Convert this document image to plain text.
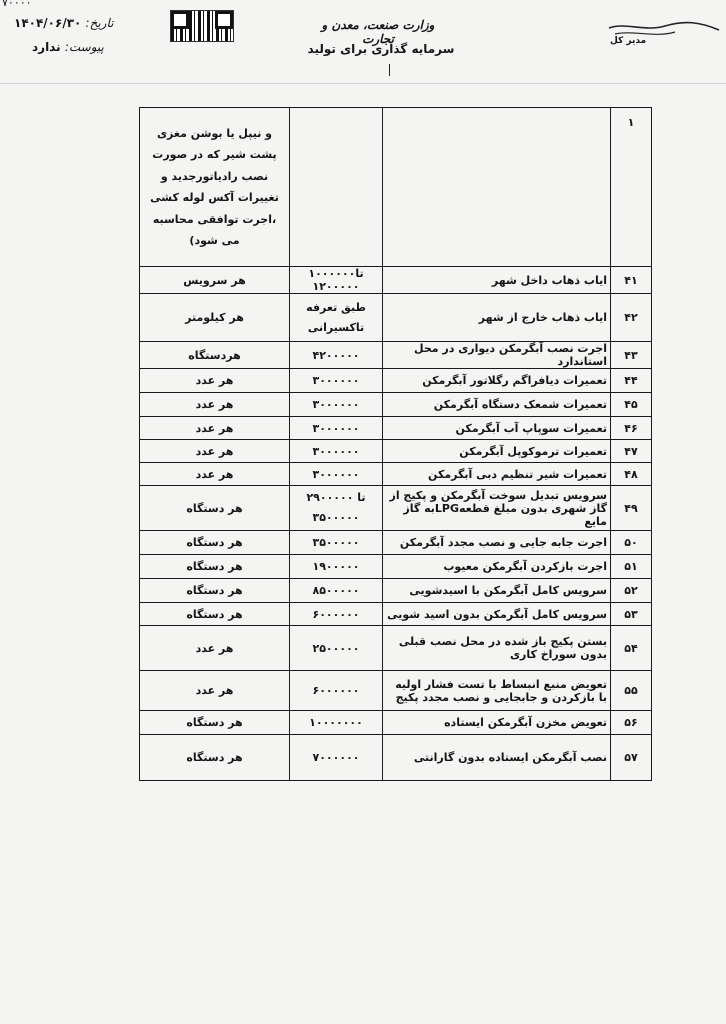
۷۰۰۰۰
تاریخ: ۱۴۰۴/۰۶/۳۰
پیوست: ندارد
وزارت صنعت، معدن و تجارت
سرمایه گذاری برای تولید
مدیر کل
۱			و نیپل یا بوشن مغزی پشت شیر که در صورت نصب رادیاتورجدید و تغییرات آکس لوله کشی ،اجرت توافقی محاسبه می شود)
۴۱	ایاب ذهاب داخل شهر	۱۰۰۰۰۰۰تا ۱۲۰۰۰۰۰	هر سرویس
۴۲	ایاب ذهاب خارج از شهر	طبق تعرفه
تاکسیرانی	هر کیلومتر
۴۳	اجرت نصب آبگرمکن دیواری در محل استاندارد	۴۲۰۰۰۰۰	هردستگاه
۴۴	تعمیرات دیافراگم رگلاتور آبگرمکن	۳۰۰۰۰۰۰	هر عدد
۴۵	تعمیرات شمعک دستگاه آبگرمکن	۳۰۰۰۰۰۰	هر عدد
۴۶	تعمیرات سوپاپ آب آبگرمکن	۳۰۰۰۰۰۰	هر عدد
۴۷	تعمیرات ترموکوپل آبگرمکن	۳۰۰۰۰۰۰	هر عدد
۴۸	تعمیرات شیر تنظیم دبی آبگرمکن	۳۰۰۰۰۰۰	هر عدد
۴۹	سرویس تبدیل سوخت آبگرمکن و پکیج از گاز شهری بدون مبلغ قطعهLPGبه گاز مایع	۲۹۰۰۰۰۰ تا
۳۵۰۰۰۰۰	هر دستگاه
۵۰	اجرت جابه جایی و نصب مجدد آبگرمکن	۳۵۰۰۰۰۰	هر دستگاه
۵۱	اجرت بازکردن آبگرمکن معیوب	۱۹۰۰۰۰۰	هر دستگاه
۵۲	سرویس کامل آبگرمکن با اسیدشویی	۸۵۰۰۰۰۰	هر دستگاه
۵۳	سرویس کامل آبگرمکن بدون اسید شویی	۶۰۰۰۰۰۰	هر دستگاه
۵۴	بستن پکیج باز شده در محل نصب قبلی بدون سوراخ کاری	۲۵۰۰۰۰۰	هر عدد
۵۵	تعویض منبع انبساط با تست فشار اولیه با بازکردن و جابجایی و نصب مجدد پکیج	۶۰۰۰۰۰۰	هر عدد
۵۶	تعویض مخزن آبگرمکن ایستاده	۱۰۰۰۰۰۰۰	هر دستگاه
۵۷	نصب آبگرمکن ایستاده بدون گارانتی	۷۰۰۰۰۰۰	هر دستگاه
